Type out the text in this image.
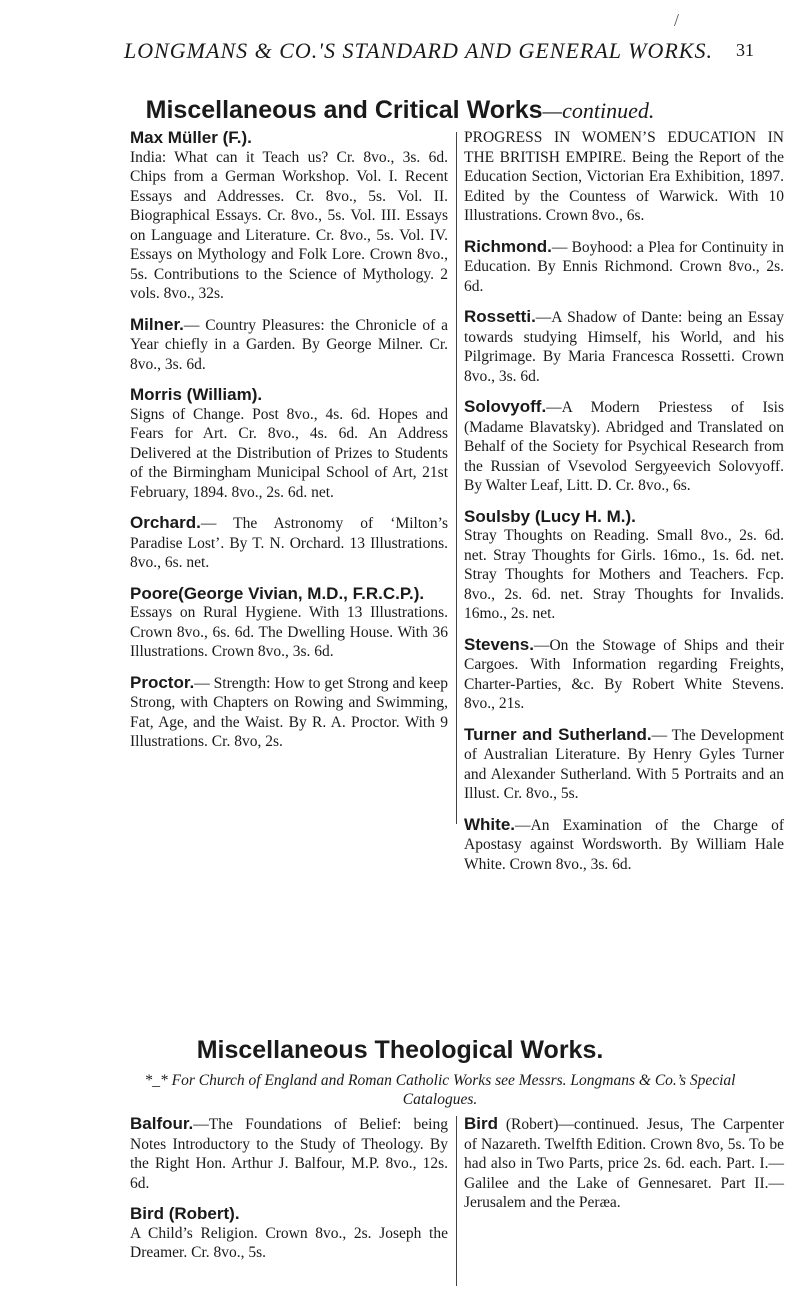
LONGMANS & CO.'S STANDARD AND GENERAL WORKS. 31
/
Miscellaneous and Critical Works—continued.
Max Müller (F.).
India: What can it Teach us? Cr. 8vo., 3s. 6d. Chips from a German Workshop. Vol. I. Recent Essays and Addresses. Cr. 8vo., 5s. Vol. II. Biographical Essays. Cr. 8vo., 5s. Vol. III. Essays on Language and Literature. Cr. 8vo., 5s. Vol. IV. Essays on Mythology and Folk Lore. Crown 8vo., 5s. Contributions to the Science of Mythology. 2 vols. 8vo., 32s.
Milner.— Country Pleasures: the Chronicle of a Year chiefly in a Garden. By George Milner. Cr. 8vo., 3s. 6d.
Morris (William).
Signs of Change. Post 8vo., 4s. 6d. Hopes and Fears for Art. Cr. 8vo., 4s. 6d. An Address Delivered at the Distribution of Prizes to Students of the Birmingham Municipal School of Art, 21st February, 1894. 8vo., 2s. 6d. net.
Orchard.— The Astronomy of ‘Milton’s Paradise Lost’. By T. N. Orchard. 13 Illustrations. 8vo., 6s. net.
Poore(George Vivian, M.D., F.R.C.P.).
Essays on Rural Hygiene. With 13 Illustrations. Crown 8vo., 6s. 6d. The Dwelling House. With 36 Illustrations. Crown 8vo., 3s. 6d.
Proctor.— Strength: How to get Strong and keep Strong, with Chapters on Rowing and Swimming, Fat, Age, and the Waist. By R. A. Proctor. With 9 Illustrations. Cr. 8vo, 2s.
PROGRESS IN WOMEN’S EDUCATION IN THE BRITISH EMPIRE. Being the Report of the Education Section, Victorian Era Exhibition, 1897. Edited by the Countess of Warwick. With 10 Illustrations. Crown 8vo., 6s.
Richmond.— Boyhood: a Plea for Continuity in Education. By Ennis Richmond. Crown 8vo., 2s. 6d.
Rossetti.—A Shadow of Dante: being an Essay towards studying Himself, his World, and his Pilgrimage. By Maria Francesca Rossetti. Crown 8vo., 3s. 6d.
Solovyoff.—A Modern Priestess of Isis (Madame Blavatsky). Abridged and Translated on Behalf of the Society for Psychical Research from the Russian of Vsevolod Sergyeevich Solovyoff. By Walter Leaf, Litt. D. Cr. 8vo., 6s.
Soulsby (Lucy H. M.).
Stray Thoughts on Reading. Small 8vo., 2s. 6d. net. Stray Thoughts for Girls. 16mo., 1s. 6d. net. Stray Thoughts for Mothers and Teachers. Fcp. 8vo., 2s. 6d. net. Stray Thoughts for Invalids. 16mo., 2s. net.
Stevens.—On the Stowage of Ships and their Cargoes. With Information regarding Freights, Charter-Parties, &c. By Robert White Stevens. 8vo., 21s.
Turner and Sutherland.— The Development of Australian Literature. By Henry Gyles Turner and Alexander Sutherland. With 5 Portraits and an Illust. Cr. 8vo., 5s.
White.—An Examination of the Charge of Apostasy against Wordsworth. By William Hale White. Crown 8vo., 3s. 6d.
Miscellaneous Theological Works.
*_* For Church of England and Roman Catholic Works see Messrs. Longmans & Co.’s Special Catalogues.
Balfour.—The Foundations of Belief: being Notes Introductory to the Study of Theology. By the Right Hon. Arthur J. Balfour, M.P. 8vo., 12s. 6d.
Bird (Robert).
A Child’s Religion. Crown 8vo., 2s. Joseph the Dreamer. Cr. 8vo., 5s.
Bird (Robert)—continued. Jesus, The Carpenter of Nazareth. Twelfth Edition. Crown 8vo, 5s. To be had also in Two Parts, price 2s. 6d. each. Part. I.—Galilee and the Lake of Gennesaret. Part II.—Jerusalem and the Peræa.
